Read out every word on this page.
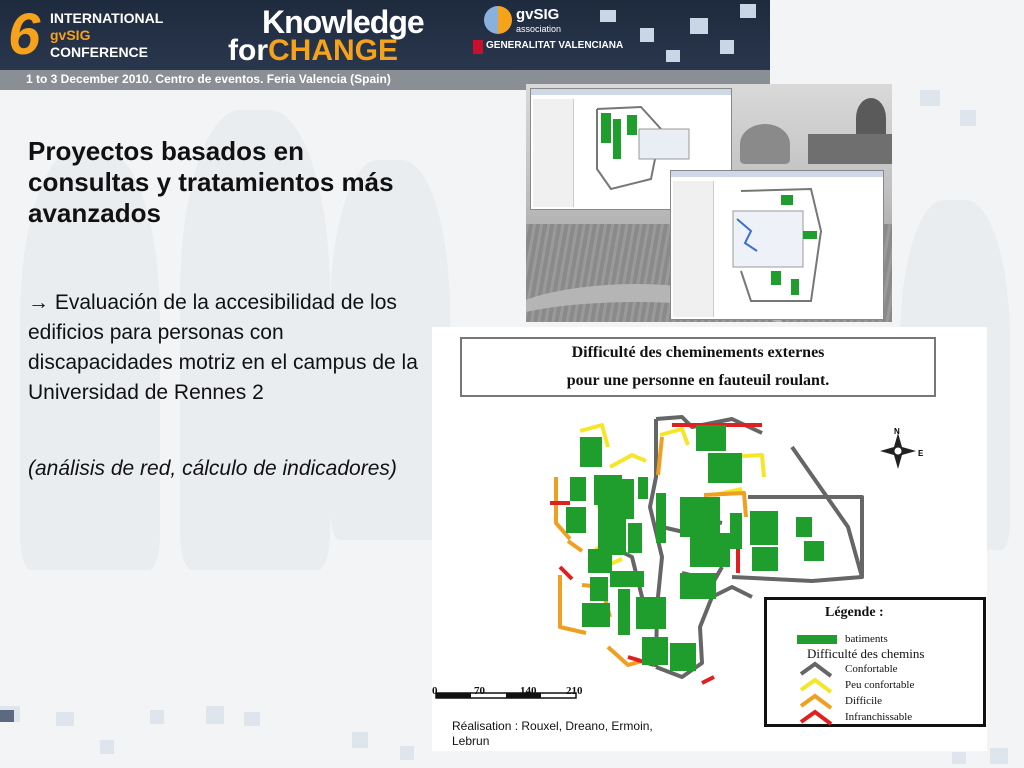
6 INTERNATIONAL
gvSIG
CONFERENCE
Knowledge
forCHANGE
gvSIG
association
GENERALITAT VALENCIANA
1 to 3 December 2010. Centro de eventos. Feria Valencia (Spain)
Proyectos basados en consultas y tratamientos más avanzados

→ Evaluación de la accesibilidad de los edificios para personas con discapacidades motriz en el campus de la Universidad de Rennes 2

(análisis de red, cálculo de indicadores)

Difficulté des cheminements externes
pour une personne en fauteuil roulant.
N
E
0	70	140	210
Légende :
batiments
Difficulté des chemins
Confortable
Peu confortable
Difficile
Infranchissable
Réalisation : Rouxel, Dreano, Ermoin, Lebrun
